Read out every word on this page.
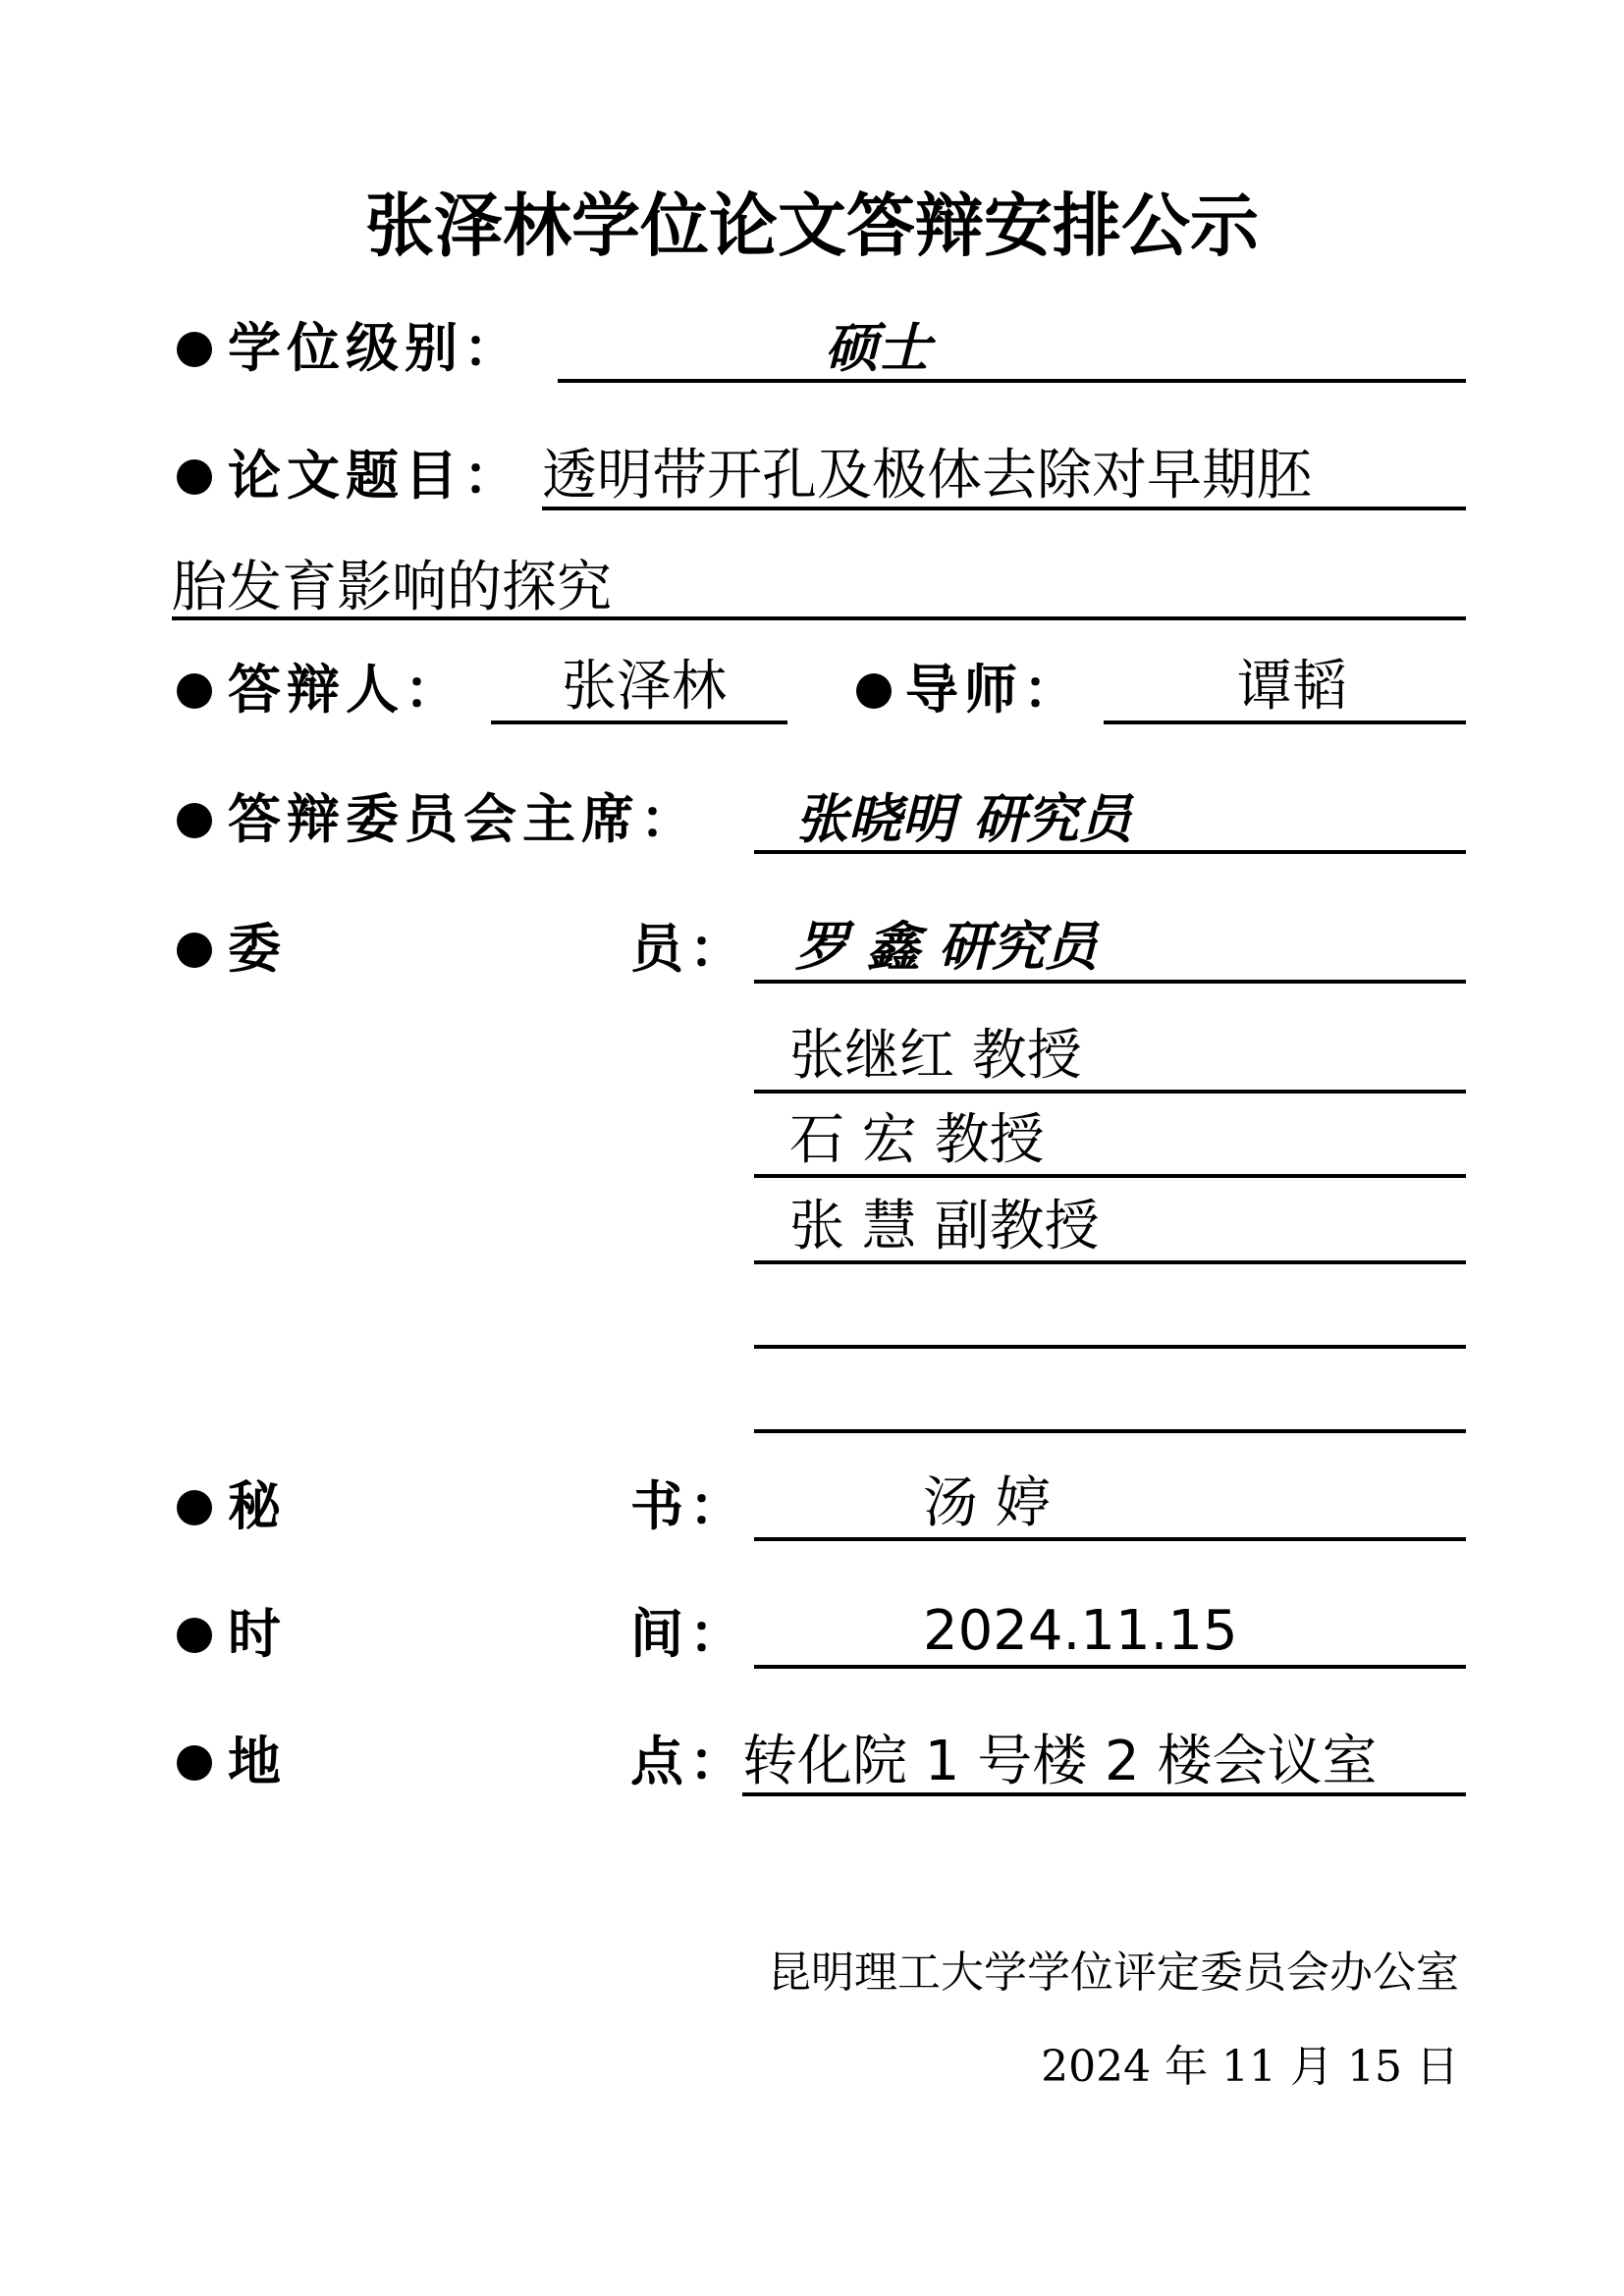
张泽林学位论文答辩安排公示
学位级别：	硕士
论文题目： 透明带开孔及极体去除对早期胚
胎发育影响的探究
答辩人： 张泽林	导师：	谭韬
答辩委员会主席： 张晓明 研究员
委	员： 罗 鑫 研究员
张继红 教授
石 宏 教授
张 慧 副教授
秘	书：	汤 婷
时	间：	2024.11.15
地	点：
转化院 1 号楼 2 楼会议室
昆明理工大学学位评定委员会办公室
2024 年 11 月 15 日
